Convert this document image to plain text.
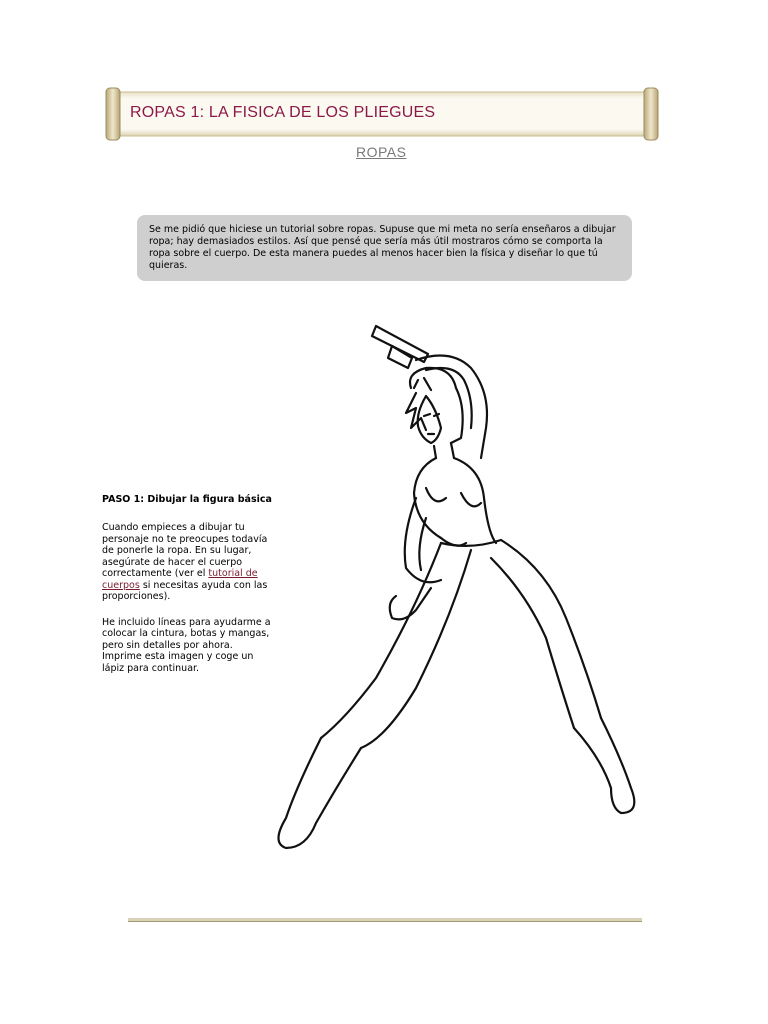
ROPAS 1: LA FISICA DE LOS PLIEGUES
ROPAS

Se me pidió que hiciese un tutorial sobre ropas. Supuse que mi meta no sería enseñaros a dibujar ropa; hay demasiados estilos. Así que pensé que sería más útil mostraros cómo se comporta la ropa sobre el cuerpo. De esta manera puedes al menos hacer bien la física y diseñar lo que tú quieras.

PASO 1: Dibujar la figura básica

Cuando empieces a dibujar tu personaje no te preocupes todavía de ponerle la ropa. En su lugar, asegúrate de hacer el cuerpo correctamente (ver el tutorial de cuerpos si necesitas ayuda con las proporciones).

He incluido líneas para ayudarme a colocar la cintura, botas y mangas, pero sin detalles por ahora. Imprime esta imagen y coge un lápiz para continuar.
